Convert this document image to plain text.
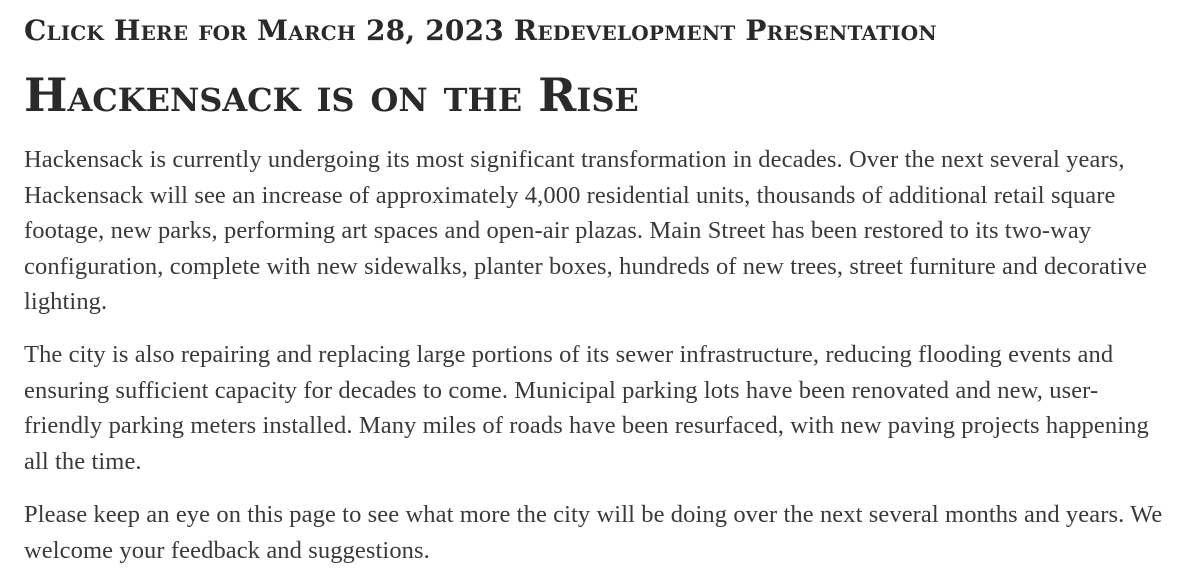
Click Here for March 28, 2023 Redevelopment Presentation
Hackensack is on the Rise

Hackensack is currently undergoing its most significant transformation in decades. Over the next several years, Hackensack will see an increase of approximately 4,000 residential units, thousands of additional retail square footage, new parks, performing art spaces and open-air plazas. Main Street has been restored to its two-way configuration, complete with new sidewalks, planter boxes, hundreds of new trees, street furniture and decorative lighting.

The city is also repairing and replacing large portions of its sewer infrastructure, reducing flooding events and ensuring sufficient capacity for decades to come. Municipal parking lots have been renovated and new, user-friendly parking meters installed. Many miles of roads have been resurfaced, with new paving projects happening all the time.

Please keep an eye on this page to see what more the city will be doing over the next several months and years. We welcome your feedback and suggestions.
